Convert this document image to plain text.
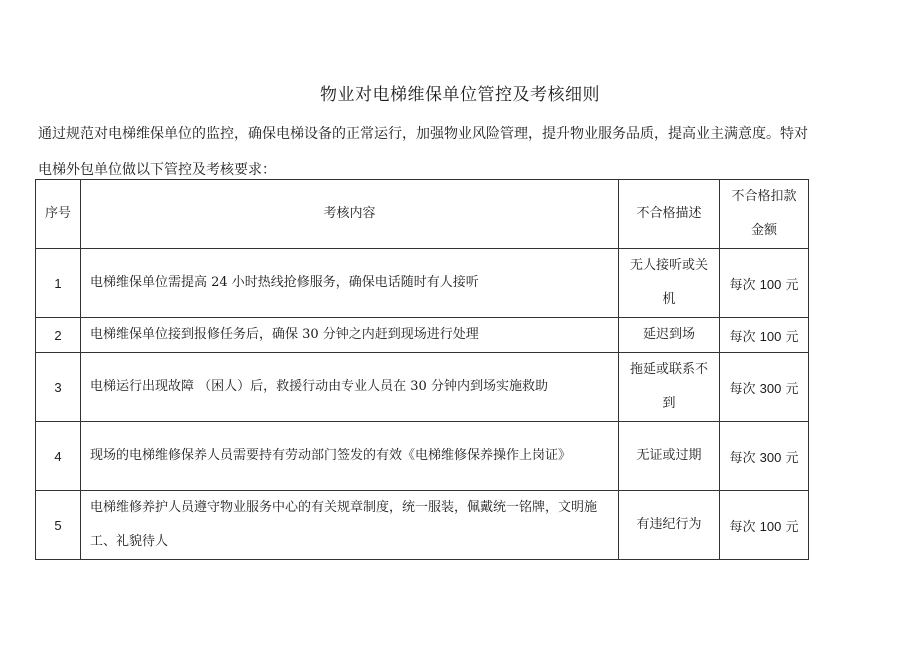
物业对电梯维保单位管控及考核细则
通过规范对电梯维保单位的监控，确保电梯设备的正常运行，加强物业风险管理，提升物业服务品质，提高业主满意度。特对电梯外包单位做以下管控及考核要求：
序号	考核内容	不合格描述	不合格扣款金额
1	电梯维保单位需提高 24 小时热线抢修服务，确保电话随时有人接听	无人接听或关机	每次 100 元
2	电梯维保单位接到报修任务后，确保 30 分钟之内赶到现场进行处理	延迟到场	每次 100 元
3	电梯运行出现故障 （困人）后，救援行动由专业人员在 30 分钟内到场实施救助	拖延或联系不到	每次 300 元
4	现场的电梯维修保养人员需要持有劳动部门签发的有效《电梯维修保养操作上岗证》	无证或过期	每次 300 元
5	电梯维修养护人员遵守物业服务中心的有关规章制度，统一服装，佩戴统一铭牌，文明施工、礼貌待人	有违纪行为	每次 100 元
